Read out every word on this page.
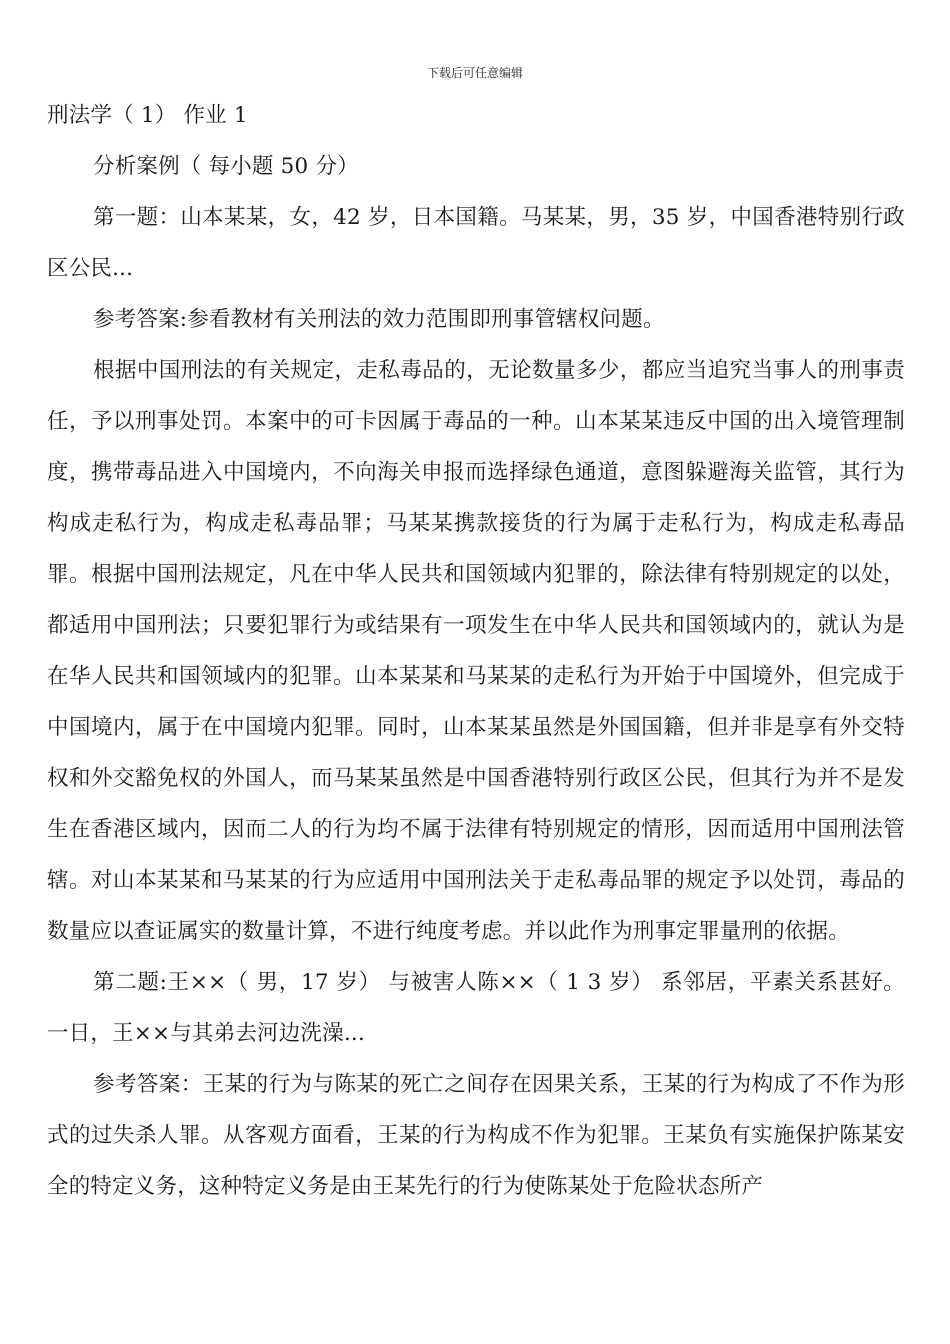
下载后可任意编辑

刑法学（ 1） 作业 1

分析案例（ 每小题 50 分）

第一题：山本某某，女，42 岁，日本国籍。马某某，男，35 岁，中国香港特别行政区公民...

参考答案:参看教材有关刑法的效力范围即刑事管辖权问题。

根据中国刑法的有关规定，走私毒品的，无论数量多少，都应当追究当事人的刑事责任，予以刑事处罚。本案中的可卡因属于毒品的一种。山本某某违反中国的出入境管理制度，携带毒品进入中国境内，不向海关申报而选择绿色通道，意图躲避海关监管，其行为构成走私行为，构成走私毒品罪；马某某携款接货的行为属于走私行为，构成走私毒品罪。根据中国刑法规定，凡在中华人民共和国领域内犯罪的，除法律有特别规定的以处，都适用中国刑法；只要犯罪行为或结果有一项发生在中华人民共和国领域内的，就认为是在华人民共和国领域内的犯罪。山本某某和马某某的走私行为开始于中国境外，但完成于中国境内，属于在中国境内犯罪。同时，山本某某虽然是外国国籍，但并非是享有外交特权和外交豁免权的外国人，而马某某虽然是中国香港特别行政区公民，但其行为并不是发生在香港区域内，因而二人的行为均不属于法律有特别规定的情形，因而适用中国刑法管辖。对山本某某和马某某的行为应适用中国刑法关于走私毒品罪的规定予以处罚，毒品的数量应以查证属实的数量计算，不进行纯度考虑。并以此作为刑事定罪量刑的依据。

第二题:王××（ 男，17 岁） 与被害人陈××（ 1 3 岁） 系邻居，平素关系甚好。一日，王××与其弟去河边洗澡...

参考答案：王某的行为与陈某的死亡之间存在因果关系，王某的行为构成了不作为形式的过失杀人罪。从客观方面看，王某的行为构成不作为犯罪。王某负有实施保护陈某安全的特定义务，这种特定义务是由王某先行的行为使陈某处于危险状态所产
